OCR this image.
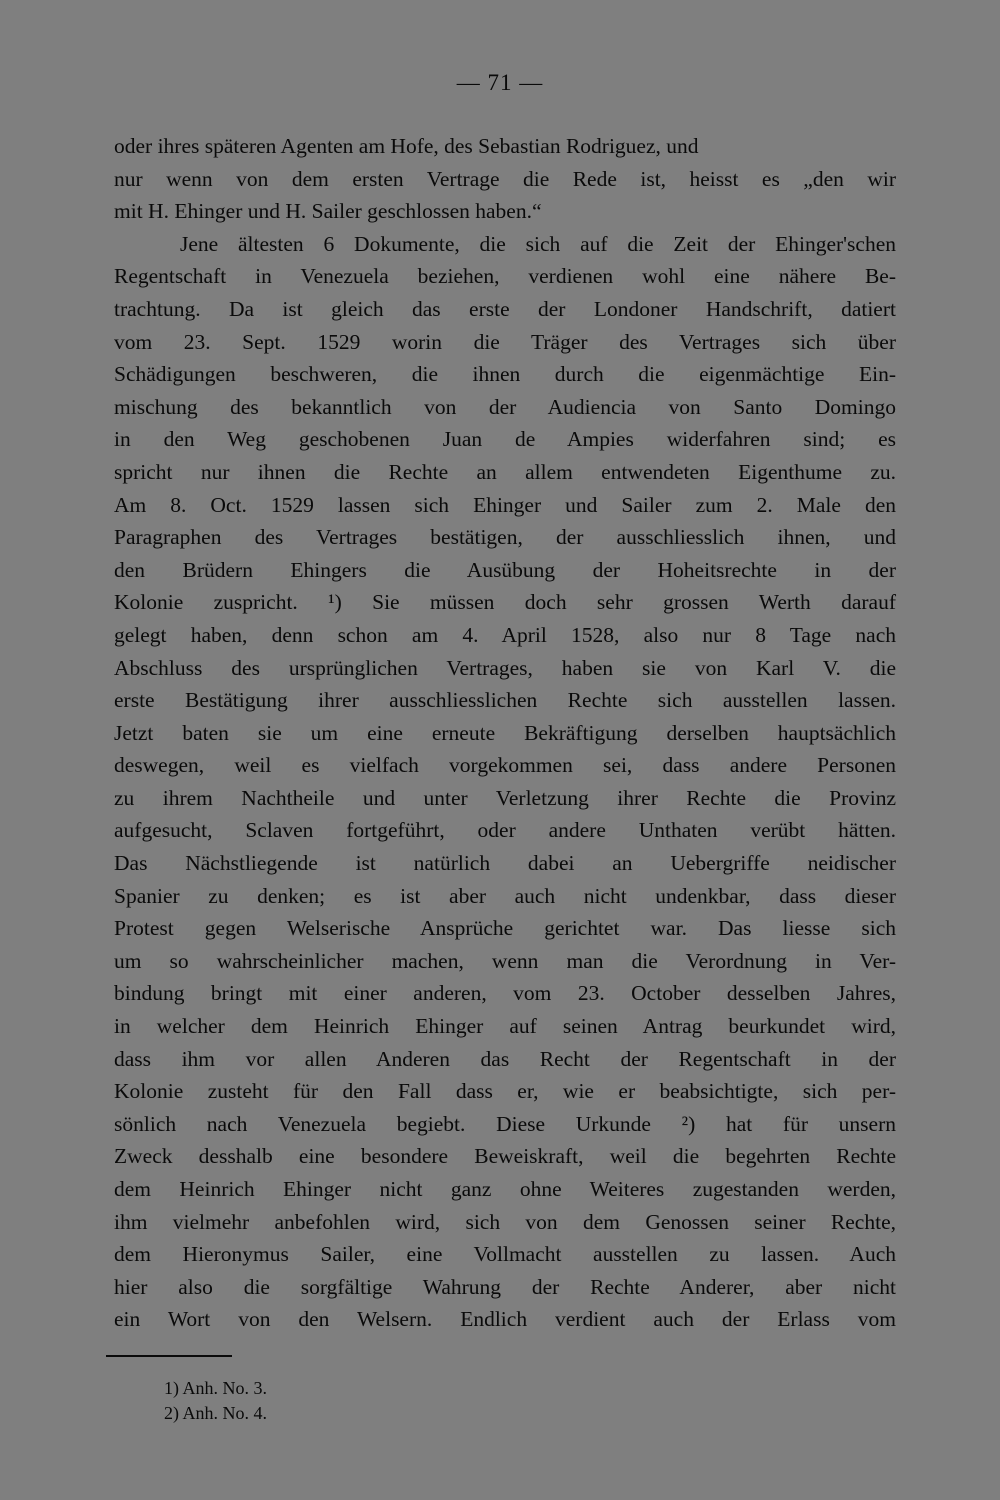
— 71 —
oder ihres späteren Agenten am Hofe, des Sebastian Rodriguez, und
nur wenn von dem ersten Vertrage die Rede ist, heisst es „den wir
mit H. Ehinger und H. Sailer geschlossen haben.“
Jene ältesten 6 Dokumente, die sich auf die Zeit der Ehinger'schen
Regentschaft in Venezuela beziehen, verdienen wohl eine nähere Be-
trachtung. Da ist gleich das erste der Londoner Handschrift, datiert
vom 23. Sept. 1529 worin die Träger des Vertrages sich über
Schädigungen beschweren, die ihnen durch die eigenmächtige Ein-
mischung des bekanntlich von der Audiencia von Santo Domingo
in den Weg geschobenen Juan de Ampies widerfahren sind; es
spricht nur ihnen die Rechte an allem entwendeten Eigenthume zu.
Am 8. Oct. 1529 lassen sich Ehinger und Sailer zum 2. Male den
Paragraphen des Vertrages bestätigen, der ausschliesslich ihnen, und
den Brüdern Ehingers die Ausübung der Hoheitsrechte in der
Kolonie zuspricht. ¹) Sie müssen doch sehr grossen Werth darauf
gelegt haben, denn schon am 4. April 1528, also nur 8 Tage nach
Abschluss des ursprünglichen Vertrages, haben sie von Karl V. die
erste Bestätigung ihrer ausschliesslichen Rechte sich ausstellen lassen.
Jetzt baten sie um eine erneute Bekräftigung derselben hauptsächlich
deswegen, weil es vielfach vorgekommen sei, dass andere Personen
zu ihrem Nachtheile und unter Verletzung ihrer Rechte die Provinz
aufgesucht, Sclaven fortgeführt, oder andere Unthaten verübt hätten.
Das Nächstliegende ist natürlich dabei an Uebergriffe neidischer
Spanier zu denken; es ist aber auch nicht undenkbar, dass dieser
Protest gegen Welserische Ansprüche gerichtet war. Das liesse sich
um so wahrscheinlicher machen, wenn man die Verordnung in Ver-
bindung bringt mit einer anderen, vom 23. October desselben Jahres,
in welcher dem Heinrich Ehinger auf seinen Antrag beurkundet wird,
dass ihm vor allen Anderen das Recht der Regentschaft in der
Kolonie zusteht für den Fall dass er, wie er beabsichtigte, sich per-
sönlich nach Venezuela begiebt. Diese Urkunde ²) hat für unsern
Zweck desshalb eine besondere Beweiskraft, weil die begehrten Rechte
dem Heinrich Ehinger nicht ganz ohne Weiteres zugestanden werden,
ihm vielmehr anbefohlen wird, sich von dem Genossen seiner Rechte,
dem Hieronymus Sailer, eine Vollmacht ausstellen zu lassen. Auch
hier also die sorgfältige Wahrung der Rechte Anderer, aber nicht
ein Wort von den Welsern. Endlich verdient auch der Erlass vom
1) Anh. No. 3.
2) Anh. No. 4.
